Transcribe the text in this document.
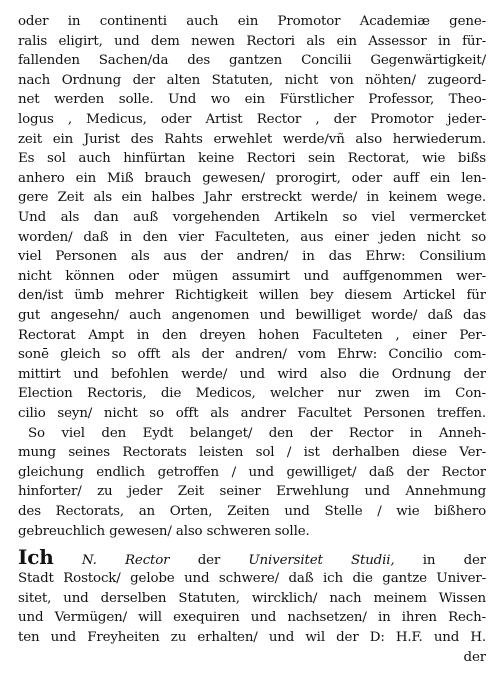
oder in continenti auch ein Promotor Academiæ gene-
ralis eligirt, und dem newen Rectori als ein Assessor in für-
fallenden Sachen/da des gantzen Concilii Gegenwärtigkeit/
nach Ordnung der alten Statuten, nicht von nöhten/ zugeord-
net werden solle. Und wo ein Fürstlicher Professor, Theo-
logus , Medicus, oder Artist Rector , der Promotor jeder-
zeit ein Jurist des Rahts erwehlet werde/vñ also herwiederum.
Es sol auch hinfürtan keine Rectori sein Rectorat, wie bißs
anhero ein Miß brauch gewesen/ prorogirt, oder auff ein len-
gere Zeit als ein halbes Jahr erstreckt werde/ in keinem wege.
Und als dan auß vorgehenden Artikeln so viel vermercket
worden/ daß in den vier Faculteten, aus einer jeden nicht so
viel Personen als aus der andren/ in das Ehrw: Consilium
nicht können oder mügen assumirt und auffgenommen wer-
den/ist ümb mehrer Richtigkeit willen bey diesem Artickel für
gut angesehn/ auch angenomen und bewilliget worde/ daß das
Rectorat Ampt in den dreyen hohen Faculteten , einer Per-
sonē gleich so offt als der andren/ vom Ehrw: Concilio com-
mittirt und befohlen werde/ und wird also die Ordnung der
Election Rectoris, die Medicos, welcher nur zwen im Con-
cilio seyn/ nicht so offt als andrer Facultet Personen treffen.
So viel den Eydt belanget/ den der Rector in Anneh-
mung seines Rectorats leisten sol / ist derhalben diese Ver-
gleichung endlich getroffen / und gewilliget/ daß der Rector
hinforter/ zu jeder Zeit seiner Erwehlung und Annehmung
des Rectorats, an Orten, Zeiten und Stelle / wie bißhero
gebreuchlich gewesen/ also schweren solle.
Ich N. Rector der Universitet Studii, in der
Stadt Rostock/ gelobe und schwere/ daß ich die gantze Univer-
sitet, und derselben Statuten, wircklich/ nach meinem Wissen
und Vermügen/ will exequiren und nachsetzen/ in ihren Rech-
ten und Freyheiten zu erhalten/ und wil der D: H.F. und H.
der
